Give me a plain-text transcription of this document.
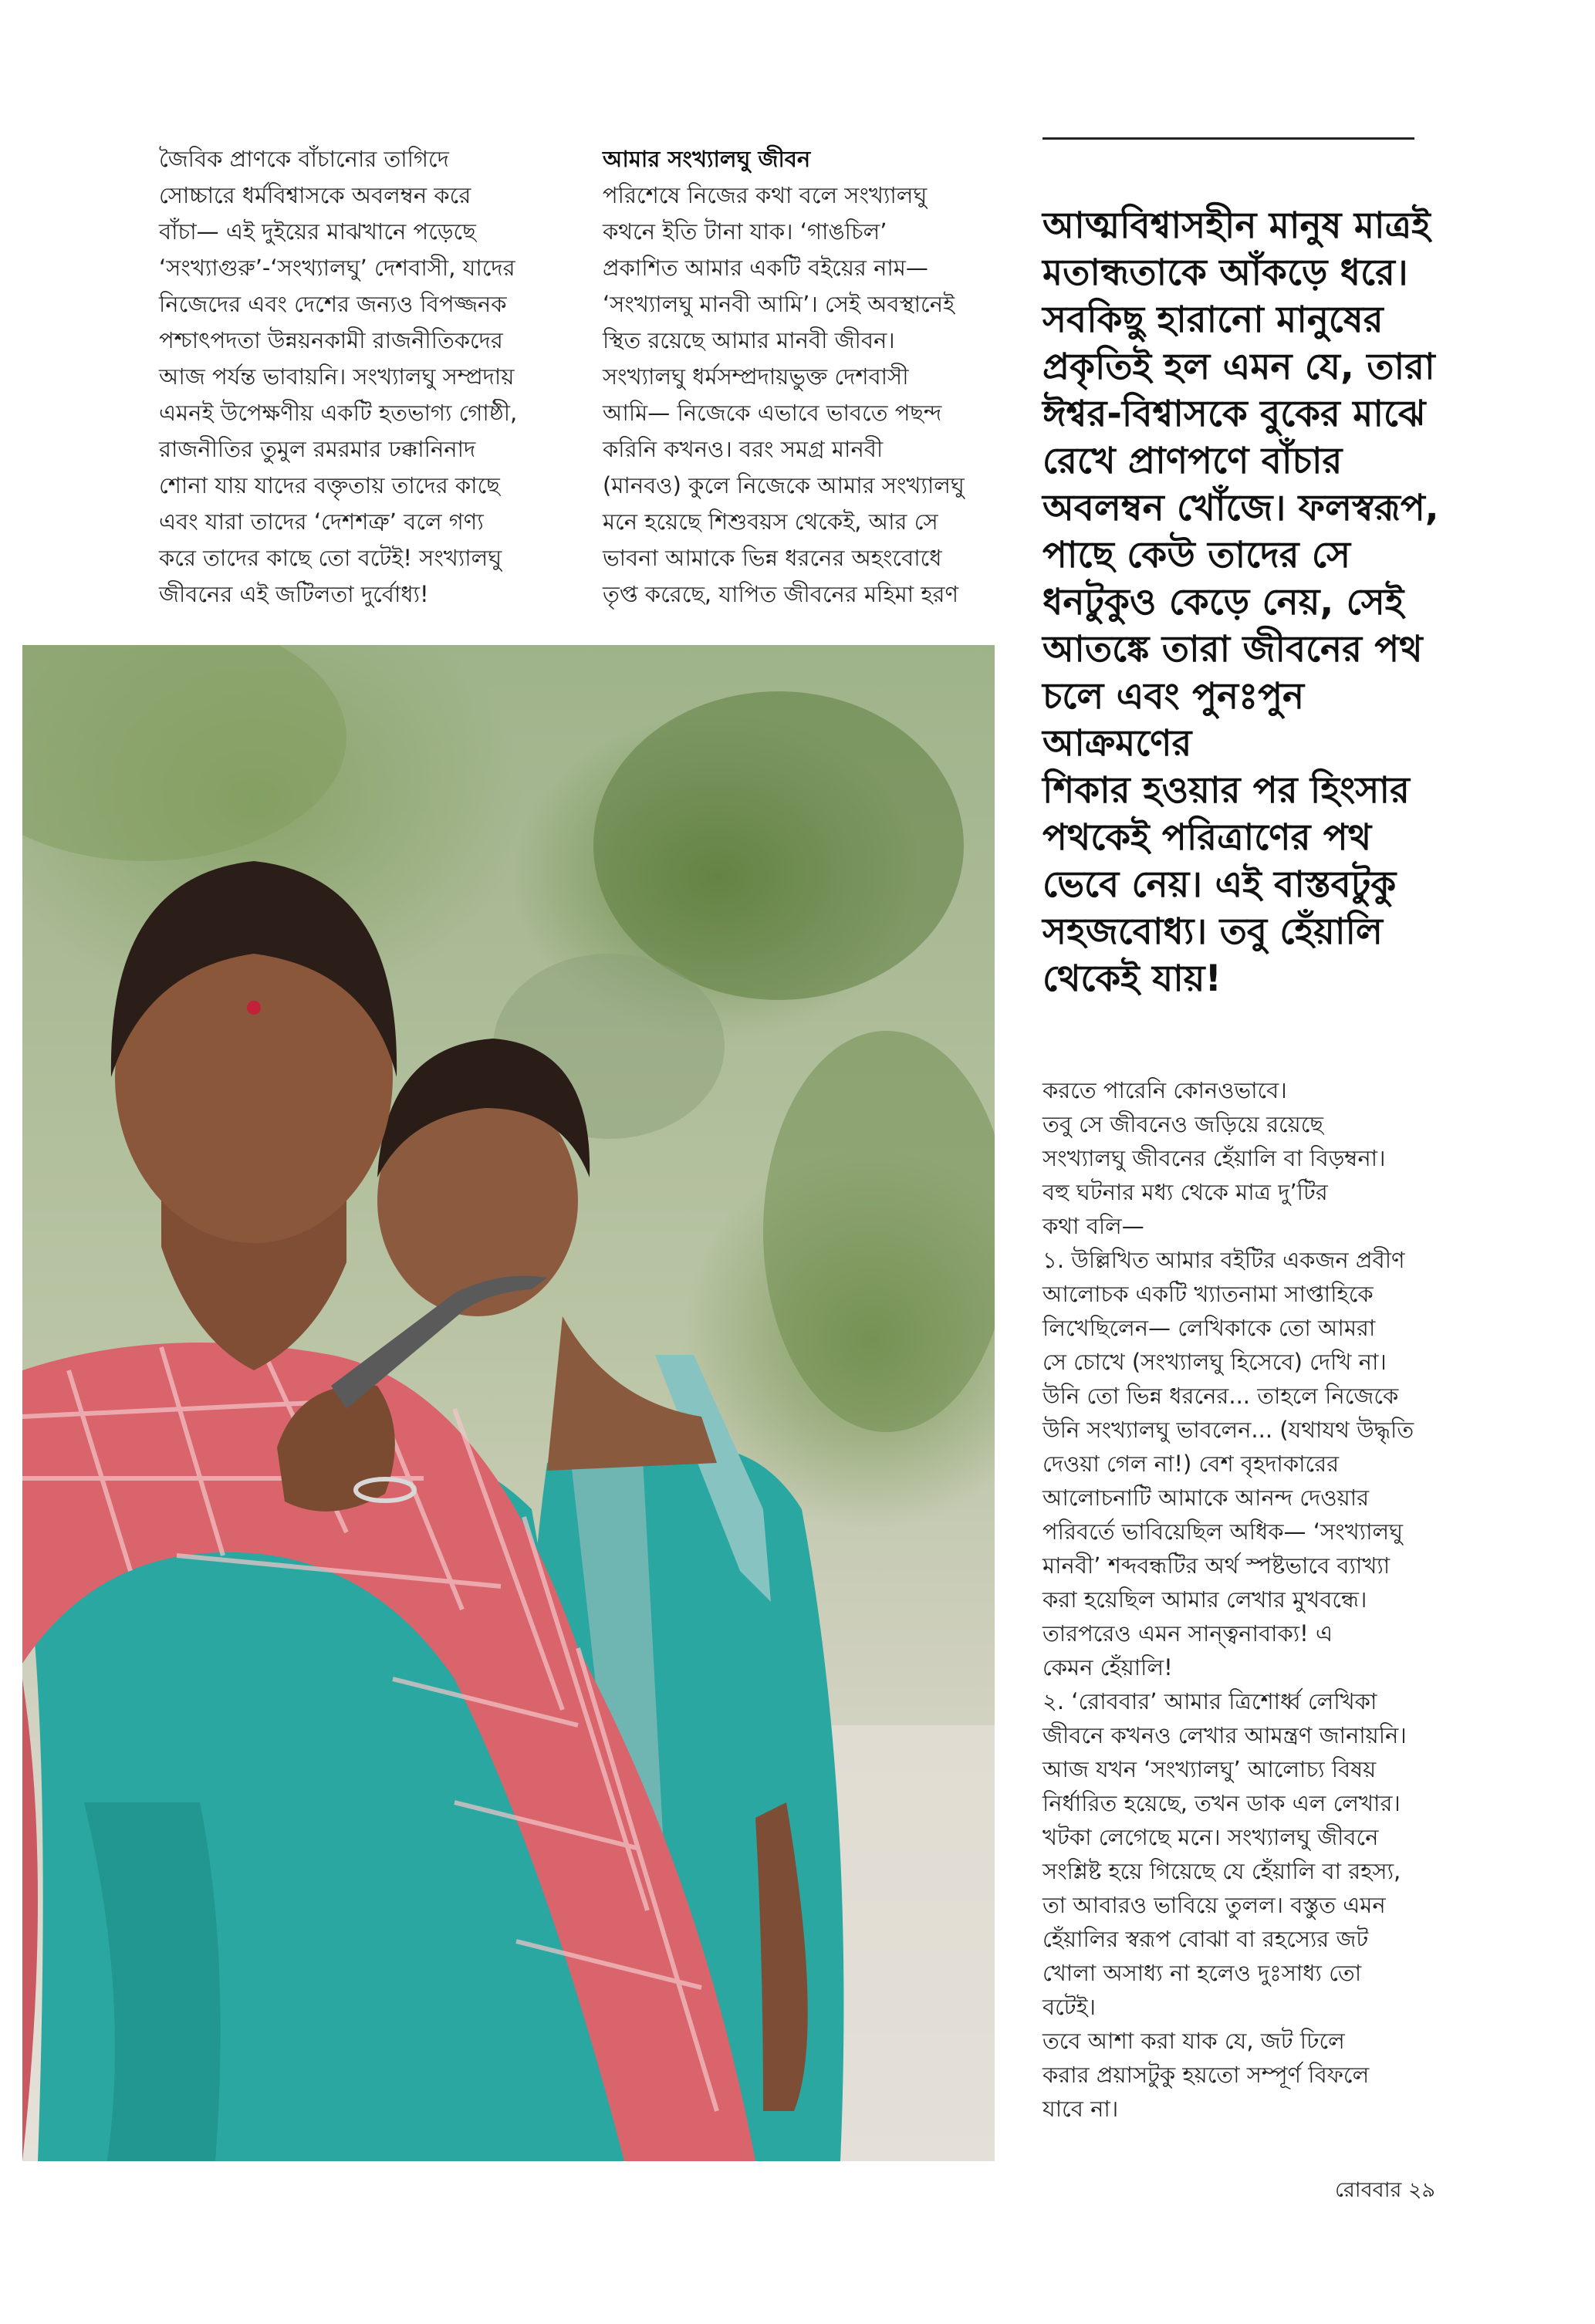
জৈবিক প্রাণকে বাঁচানোর তাগিদে
সোচ্চারে ধর্মবিশ্বাসকে অবলম্বন করে
বাঁচা— এই দুইয়ের মাঝখানে পড়েছে
‘সংখ্যাগুরু’-‘সংখ্যালঘু’ দেশবাসী, যাদের
নিজেদের এবং দেশের জন্যও বিপজ্জনক
পশ্চাৎপদতা উন্নয়নকামী রাজনীতিকদের
আজ পর্যন্ত ভাবায়নি। সংখ্যালঘু সম্প্রদায়
এমনই উপেক্ষণীয় একটি হতভাগ্য গোষ্ঠী,
রাজনীতির তুমুল রমরমার ঢক্কানিনাদ
শোনা যায় যাদের বক্তৃতায় তাদের কাছে
এবং যারা তাদের ‘দেশশত্রু’ বলে গণ্য
করে তাদের কাছে তো বটেই! সংখ্যালঘু
জীবনের এই জটিলতা দুর্বোধ্য!
আমার সংখ্যালঘু জীবন
পরিশেষে নিজের কথা বলে সংখ্যালঘু
কথনে ইতি টানা যাক। ‘গাঙচিল’
প্রকাশিত আমার একটি বইয়ের নাম—
‘সংখ্যালঘু মানবী আমি’। সেই অবস্থানেই
স্থিত রয়েছে আমার মানবী জীবন।
সংখ্যালঘু ধর্মসম্প্রদায়ভুক্ত দেশবাসী
আমি— নিজেকে এভাবে ভাবতে পছন্দ
করিনি কখনও। বরং সমগ্র মানবী
(মানবও) কুলে নিজেকে আমার সংখ্যালঘু
মনে হয়েছে শিশুবয়স থেকেই, আর সে
ভাবনা আমাকে ভিন্ন ধরনের অহংবোধে
তৃপ্ত করেছে, যাপিত জীবনের মহিমা হরণ
আত্মবিশ্বাসহীন মানুষ মাত্রই
মতান্ধতাকে আঁকড়ে ধরে।
সবকিছু হারানো মানুষের
প্রকৃতিই হল এমন যে, তারা
ঈশ্বর-বিশ্বাসকে বুকের মাঝে
রেখে প্রাণপণে বাঁচার
অবলম্বন খোঁজে। ফলস্বরূপ,
পাছে কেউ তাদের সে
ধনটুকুও কেড়ে নেয়, সেই
আতঙ্কে তারা জীবনের পথ
চলে এবং পুনঃপুন আক্রমণের
শিকার হওয়ার পর হিংসার
পথকেই পরিত্রাণের পথ
ভেবে নেয়। এই বাস্তবটুকু
সহজবোধ্য। তবু হেঁয়ালি
থেকেই যায়!
করতে পারেনি কোনওভাবে।
তবু সে জীবনেও জড়িয়ে রয়েছে
সংখ্যালঘু জীবনের হেঁয়ালি বা বিড়ম্বনা।
বহু ঘটনার মধ্য থেকে মাত্র দু’টির
কথা বলি—
১. উল্লিখিত আমার বইটির একজন প্রবীণ
আলোচক একটি খ্যাতনামা সাপ্তাহিকে
লিখেছিলেন— লেখিকাকে তো আমরা
সে চোখে (সংখ্যালঘু হিসেবে) দেখি না।
উনি তো ভিন্ন ধরনের... তাহলে নিজেকে
উনি সংখ্যালঘু ভাবলেন... (যথাযথ উদ্ধৃতি
দেওয়া গেল না!) বেশ বৃহদাকারের
আলোচনাটি আমাকে আনন্দ দেওয়ার
পরিবর্তে ভাবিয়েছিল অধিক— ‘সংখ্যালঘু
মানবী’ শব্দবন্ধটির অর্থ স্পষ্টভাবে ব্যাখ্যা
করা হয়েছিল আমার লেখার মুখবন্ধে।
তারপরেও এমন সান্ত্বনাবাক্য! এ
কেমন হেঁয়ালি!
২. ‘রোববার’ আমার ত্রিশোর্ধ্ব লেখিকা
জীবনে কখনও লেখার আমন্ত্রণ জানায়নি।
আজ যখন ‘সংখ্যালঘু’ আলোচ্য বিষয়
নির্ধারিত হয়েছে, তখন ডাক এল লেখার।
খটকা লেগেছে মনে। সংখ্যালঘু জীবনে
সংশ্লিষ্ট হয়ে গিয়েছে যে হেঁয়ালি বা রহস্য,
তা আবারও ভাবিয়ে তুলল। বস্তুত এমন
হেঁয়ালির স্বরূপ বোঝা বা রহস্যের জট
খোলা অসাধ্য না হলেও দুঃসাধ্য তো
বটেই।
তবে আশা করা যাক যে, জট ঢিলে
করার প্রয়াসটুকু হয়তো সম্পূর্ণ বিফলে
যাবে না।
রোববার ২৯
